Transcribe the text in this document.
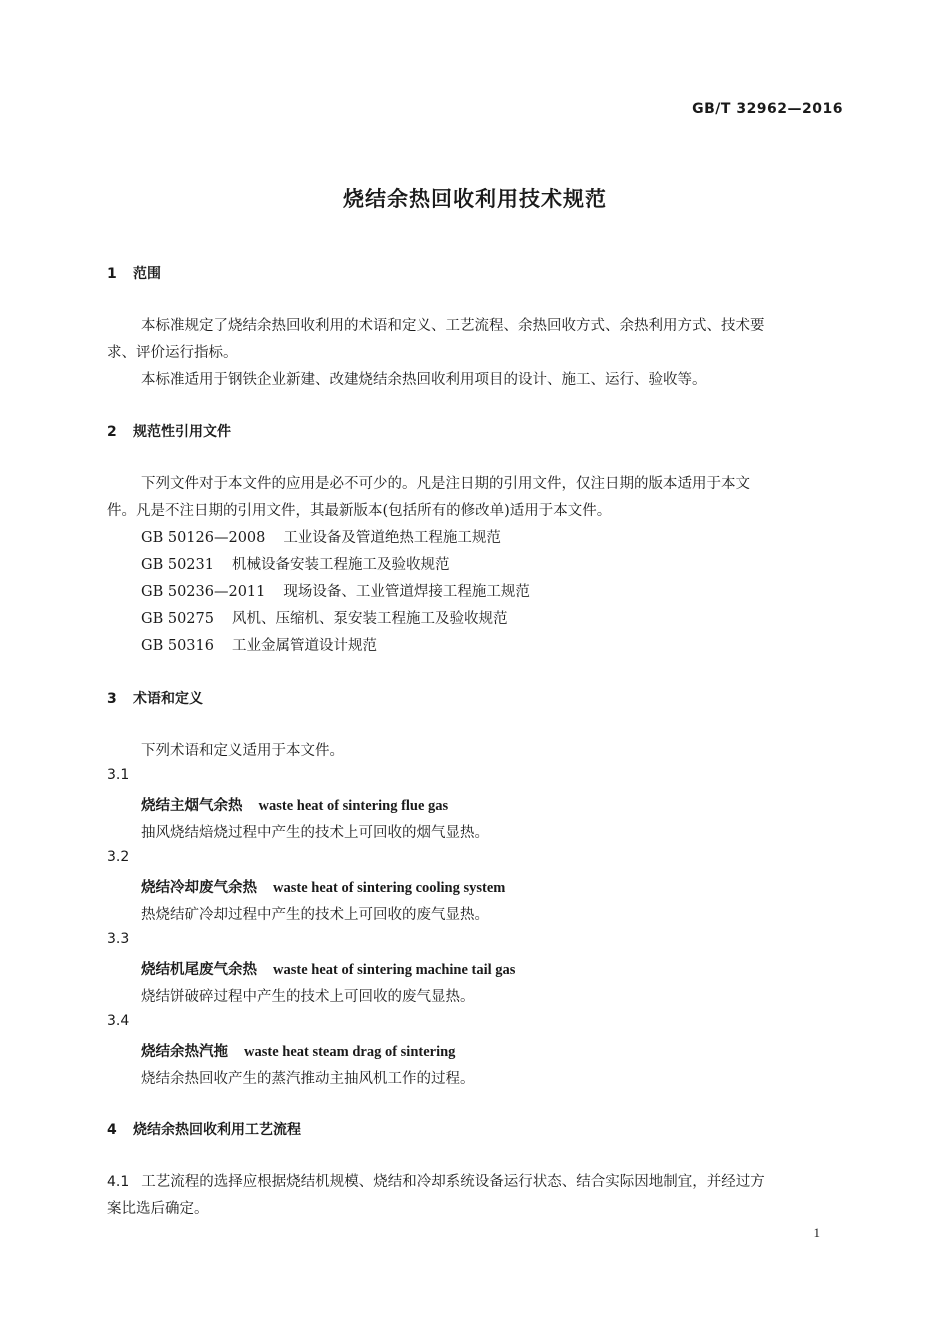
GB/T 32962—2016
烧结余热回收利用技术规范
1 范围
本标准规定了烧结余热回收利用的术语和定义、工艺流程、余热回收方式、余热利用方式、技术要
求、评价运行指标。
本标准适用于钢铁企业新建、改建烧结余热回收利用项目的设计、施工、运行、验收等。
2 规范性引用文件
下列文件对于本文件的应用是必不可少的。凡是注日期的引用文件，仅注日期的版本适用于本文
件。凡是不注日期的引用文件，其最新版本(包括所有的修改单)适用于本文件。
GB 50126—2008 工业设备及管道绝热工程施工规范
GB 50231 机械设备安装工程施工及验收规范
GB 50236—2011 现场设备、工业管道焊接工程施工规范
GB 50275 风机、压缩机、泵安装工程施工及验收规范
GB 50316 工业金属管道设计规范
3 术语和定义
下列术语和定义适用于本文件。
3.1
烧结主烟气余热 waste heat of sintering flue gas
抽风烧结焙烧过程中产生的技术上可回收的烟气显热。
3.2
烧结冷却废气余热 waste heat of sintering cooling system
热烧结矿冷却过程中产生的技术上可回收的废气显热。
3.3
烧结机尾废气余热 waste heat of sintering machine tail gas
烧结饼破碎过程中产生的技术上可回收的废气显热。
3.4
烧结余热汽拖 waste heat steam drag of sintering
烧结余热回收产生的蒸汽推动主抽风机工作的过程。
4 烧结余热回收利用工艺流程
4.1 工艺流程的选择应根据烧结机规模、烧结和冷却系统设备运行状态、结合实际因地制宜，并经过方
案比选后确定。
1
